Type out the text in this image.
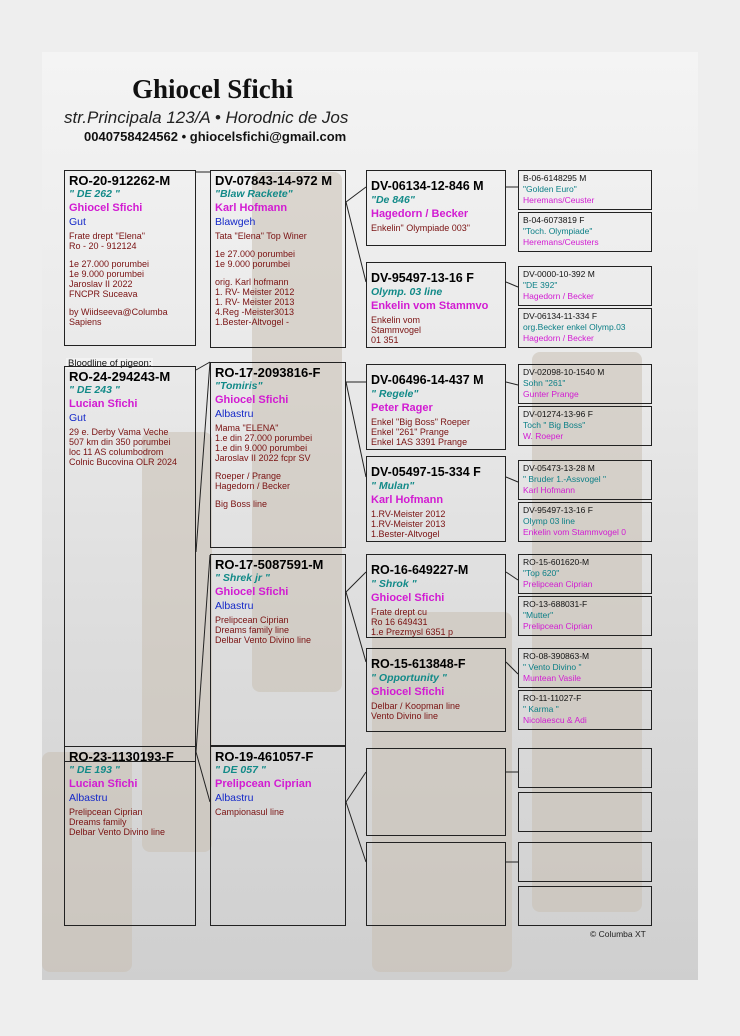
Ghiocel Sfichi
str.Principala 123/A • Horodnic de Jos
0040758424562 • ghiocelsfichi@gmail.com
RO-20-912262-M
" DE 262 "
Ghiocel Sfichi
Gut
Frate drept "Elena"
Ro - 20 - 912124
1e 27.000 porumbei
1e 9.000 porumbei
Jaroslav II 2022
FNCPR Suceava
by Wiidseeva@Columba
Sapiens
Bloodline of pigeon:
RO-24-294243-M
" DE 243 "
Lucian Sfichi
Gut
29 e. Derby Vama Veche
507 km din 350 porumbei
loc 11 AS columbodrom
Colnic Bucovina OLR 2024
RO-23-1130193-F
" DE 193 "
Lucian Sfichi
Albastru
Prelipcean Ciprian
Dreams family
Delbar Vento Divino line
DV-07843-14-972 M
"Blaw Rackete"
Karl Hofmann
Blawgeh
Tata "Elena" Top Winer
1e 27.000 porumbei
1e 9.000 porumbei
orig. Karl hofmann
1. RV- Meister 2012
1. RV- Meister 2013
4.Reg -Meister3013
1.Bester-Altvogel -
RO-17-2093816-F
"Tomiris"
Ghiocel Sfichi
Albastru
Mama "ELENA"
1.e din 27.000 porumbei
1.e din 9.000 porumbei
Jaroslav II 2022 fcpr SV
Roeper / Prange
Hagedorn / Becker
Big Boss line
RO-17-5087591-M
" Shrek jr "
Ghiocel Sfichi
Albastru
Prelipcean Ciprian
Dreams family line
Delbar Vento Divino line
RO-19-461057-F
" DE 057 "
Prelipcean Ciprian
Albastru
Campionasul line
DV-06134-12-846 M
"De 846"
Hagedorn / Becker
Enkelin" Olympiade 003"
DV-95497-13-16 F
Olymp. 03 line
Enkelin vom Stammvo
Enkelin vom
Stammvogel
01 351
DV-06496-14-437 M
" Regele"
Peter Rager
Enkel "Big Boss" Roeper
Enkel "261" Prange
Enkel 1AS 3391 Prange
DV-05497-15-334 F
" Mulan"
Karl Hofmann
1.RV-Meister 2012
1.RV-Meister 2013
1.Bester-Altvogel
RO-16-649227-M
" Shrok "
Ghiocel Sfichi
Frate drept cu
Ro 16 649431
1.e Prezmysl 6351 p
RO-15-613848-F
" Opportunity "
Ghiocel Sfichi
Delbar / Koopman line
Vento Divino line
B-06-6148295 M
"Golden Euro"
Heremans/Ceuster
B-04-6073819 F
"Toch. Olympiade"
Heremans/Ceusters
DV-0000-10-392 M
"DE 392"
Hagedorn / Becker
DV-06134-11-334 F
org.Becker enkel Olymp.03
Hagedorn / Becker
DV-02098-10-1540 M
Sohn "261"
Gunter Prange
DV-01274-13-96 F
Toch " Big Boss"
W. Roeper
DV-05473-13-28 M
" Bruder 1.-Assvogel "
Karl Hofmann
DV-95497-13-16 F
Olymp 03 line
Enkelin vom Stammvogel 0
RO-15-601620-M
"Top 620"
Prelipcean Ciprian
RO-13-688031-F
"Mutter"
Prelipcean Ciprian
RO-08-390863-M
" Vento Divino "
Muntean Vasile
RO-11-11027-F
" Karma "
Nicolaescu & Adi
© Columba XT
